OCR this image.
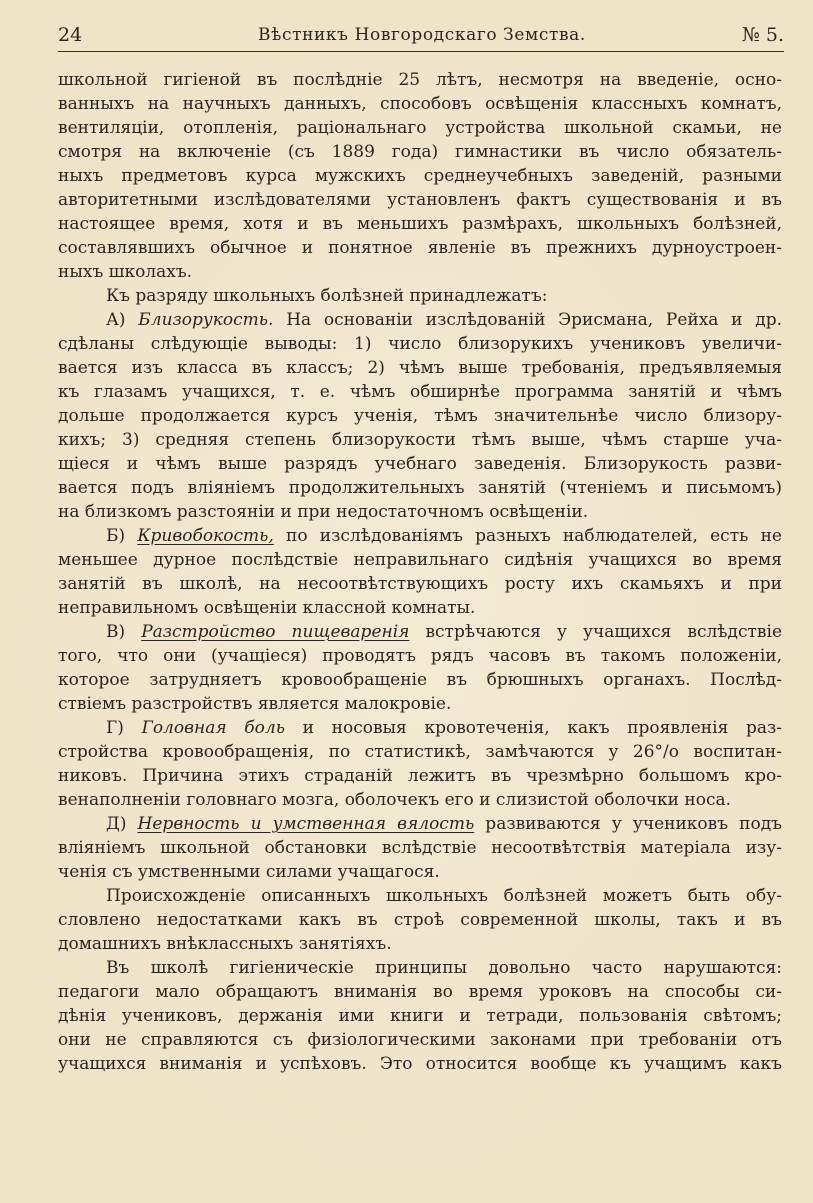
24	Вѣстникъ Новгородскаго Земства.	№ 5.
школьной гигіеной въ послѣдніе 25 лѣтъ, несмотря на введеніе, осно-
ванныхъ на научныхъ данныхъ, способовъ освѣщенія классныхъ комнатъ,
вентиляціи, отопленія, раціональнаго устройства школьной скамьи, не
смотря на включеніе (съ 1889 года) гимнастики въ число обязатель-
ныхъ предметовъ курса мужскихъ среднеучебныхъ заведеній, разными
авторитетными изслѣдователями установленъ фактъ существованія и въ
настоящее время, хотя и въ меньшихъ размѣрахъ, школьныхъ болѣзней,
составлявшихъ обычное и понятное явленіе въ прежнихъ дурноустроен-
ныхъ школахъ.
Къ разряду школьныхъ болѣзней принадлежатъ:
А) Близорукость. На основаніи изслѣдованій Эрисмана, Рейха и др.
сдѣланы слѣдующіе выводы: 1) число близорукихъ учениковъ увеличи-
вается изъ класса въ классъ; 2) чѣмъ выше требованія, предъявляемыя
къ глазамъ учащихся, т. е. чѣмъ обширнѣе программа занятій и чѣмъ
дольше продолжается курсъ ученія, тѣмъ значительнѣе число близору-
кихъ; 3) средняя степень близорукости тѣмъ выше, чѣмъ старше уча-
щіеся и чѣмъ выше разрядъ учебнаго заведенія. Близорукость разви-
вается подъ вліяніемъ продолжительныхъ занятій (чтеніемъ и письмомъ)
на близкомъ разстояніи и при недостаточномъ освѣщеніи.
Б) Кривобокость, по изслѣдованіямъ разныхъ наблюдателей, есть не
меньшее дурное послѣдствіе неправильнаго сидѣнія учащихся во время
занятій въ школѣ, на несоотвѣтствующихъ росту ихъ скамьяхъ и при
неправильномъ освѣщеніи классной комнаты.
В) Разстройство пищеваренія встрѣчаются у учащихся вслѣдствіе
того, что они (учащіеся) проводятъ рядъ часовъ въ такомъ положеніи,
которое затрудняетъ кровообращеніе въ брюшныхъ органахъ. Послѣд-
ствіемъ разстройствъ является малокровіе.
Г) Головная боль и носовыя кровотеченія, какъ проявленія раз-
стройства кровообращенія, по статистикѣ, замѣчаются у 26°/о воспитан-
никовъ. Причина этихъ страданій лежитъ въ чрезмѣрно большомъ кро-
венаполненіи головнаго мозга, оболочекъ его и слизистой оболочки носа.
Д) Нервность и умственная вялость развиваются у учениковъ подъ
вліяніемъ школьной обстановки вслѣдствіе несоотвѣтствія матеріала изу-
ченія съ умственными силами учащагося.
Происхожденіе описанныхъ школьныхъ болѣзней можетъ быть обу-
словлено недостатками какъ въ строѣ современной школы, такъ и въ
домашнихъ внѣклассныхъ занятіяхъ.
Въ школѣ гигіеническіе принципы довольно часто нарушаются:
педагоги мало обращаютъ вниманія во время уроковъ на способы си-
дѣнія учениковъ, держанія ими книги и тетради, пользованія свѣтомъ;
они не справляются съ физіологическими законами при требованіи отъ
учащихся вниманія и успѣховъ. Это относится вообще къ учащимъ какъ
